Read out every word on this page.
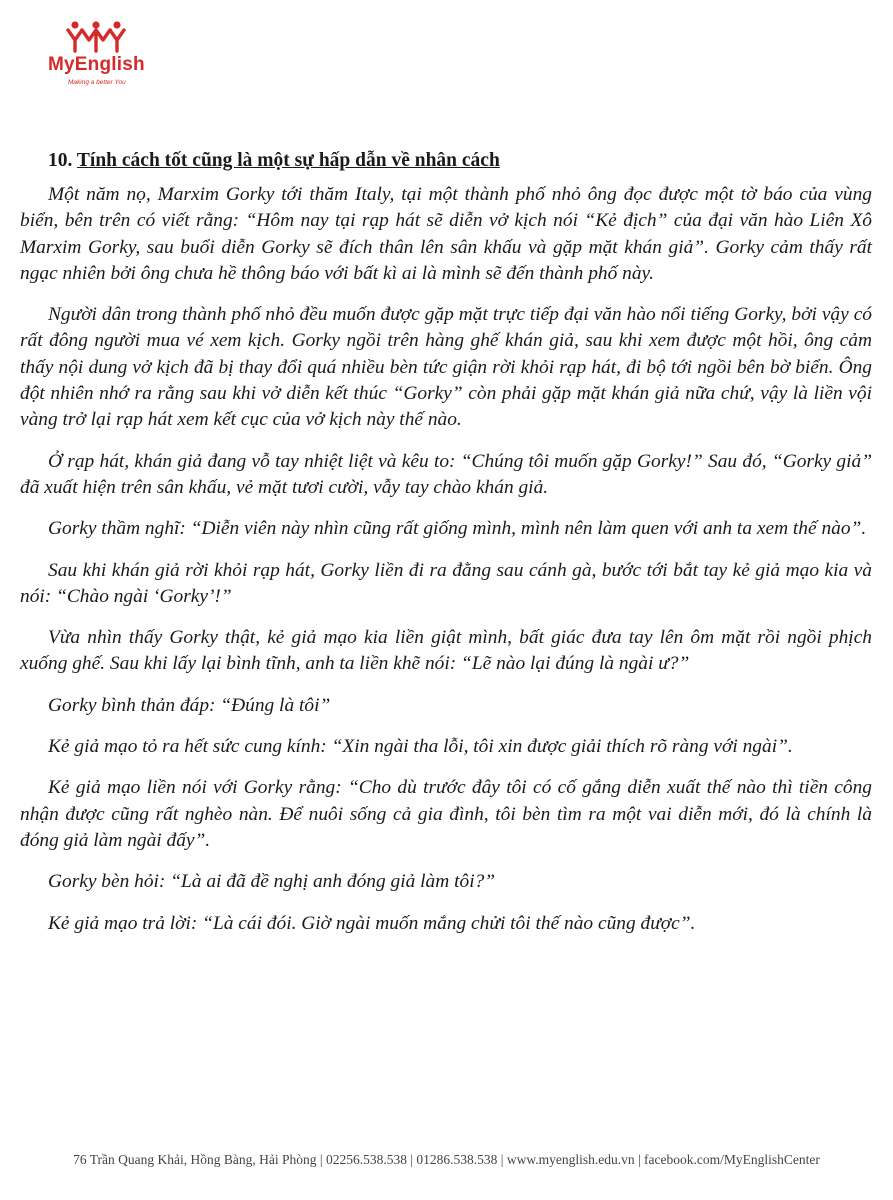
MyEnglish
Making a better You
10. Tính cách tốt cũng là một sự hấp dẫn về nhân cách

Một năm nọ, Marxim Gorky tới thăm Italy, tại một thành phố nhỏ ông đọc được một tờ báo của vùng biển, bên trên có viết rằng: “Hôm nay tại rạp hát sẽ diễn vở kịch nói “Kẻ địch” của đại văn hào Liên Xô Marxim Gorky, sau buổi diễn Gorky sẽ đích thân lên sân khấu và gặp mặt khán giả”. Gorky cảm thấy rất ngạc nhiên bởi ông chưa hề thông báo với bất kì ai là mình sẽ đến thành phố này.

Người dân trong thành phố nhỏ đều muốn được gặp mặt trực tiếp đại văn hào nổi tiếng Gorky, bởi vậy có rất đông người mua vé xem kịch. Gorky ngồi trên hàng ghế khán giả, sau khi xem được một hồi, ông cảm thấy nội dung vở kịch đã bị thay đổi quá nhiều bèn tức giận rời khỏi rạp hát, đi bộ tới ngồi bên bờ biển. Ông đột nhiên nhớ ra rằng sau khi vở diễn kết thúc “Gorky” còn phải gặp mặt khán giả nữa chứ, vậy là liền vội vàng trở lại rạp hát xem kết cục của vở kịch này thế nào.

Ở rạp hát, khán giả đang vỗ tay nhiệt liệt và kêu to: “Chúng tôi muốn gặp Gorky!” Sau đó, “Gorky giả” đã xuất hiện trên sân khấu, vẻ mặt tươi cười, vẫy tay chào khán giả.

Gorky thầm nghĩ: “Diễn viên này nhìn cũng rất giống mình, mình nên làm quen với anh ta xem thế nào”.

Sau khi khán giả rời khỏi rạp hát, Gorky liền đi ra đằng sau cánh gà, bước tới bắt tay kẻ giả mạo kia và nói: “Chào ngài ‘Gorky’!”

Vừa nhìn thấy Gorky thật, kẻ giả mạo kia liền giật mình, bất giác đưa tay lên ôm mặt rồi ngồi phịch xuống ghế. Sau khi lấy lại bình tĩnh, anh ta liền khẽ nói: “Lẽ nào lại đúng là ngài ư?”

Gorky bình thản đáp: “Đúng là tôi”

Kẻ giả mạo tỏ ra hết sức cung kính: “Xin ngài tha lỗi, tôi xin được giải thích rõ ràng với ngài”.

Kẻ giả mạo liền nói với Gorky rằng: “Cho dù trước đây tôi có cố gắng diễn xuất thế nào thì tiền công nhận được cũng rất nghèo nàn. Để nuôi sống cả gia đình, tôi bèn tìm ra một vai diễn mới, đó là chính là đóng giả làm ngài đấy”.

Gorky bèn hỏi: “Là ai đã đề nghị anh đóng giả làm tôi?”

Kẻ giả mạo trả lời: “Là cái đói. Giờ ngài muốn mắng chửi tôi thế nào cũng được”.

76 Trần Quang Khải, Hồng Bàng, Hải Phòng | 02256.538.538 | 01286.538.538 | www.myenglish.edu.vn | facebook.com/MyEnglishCenter
